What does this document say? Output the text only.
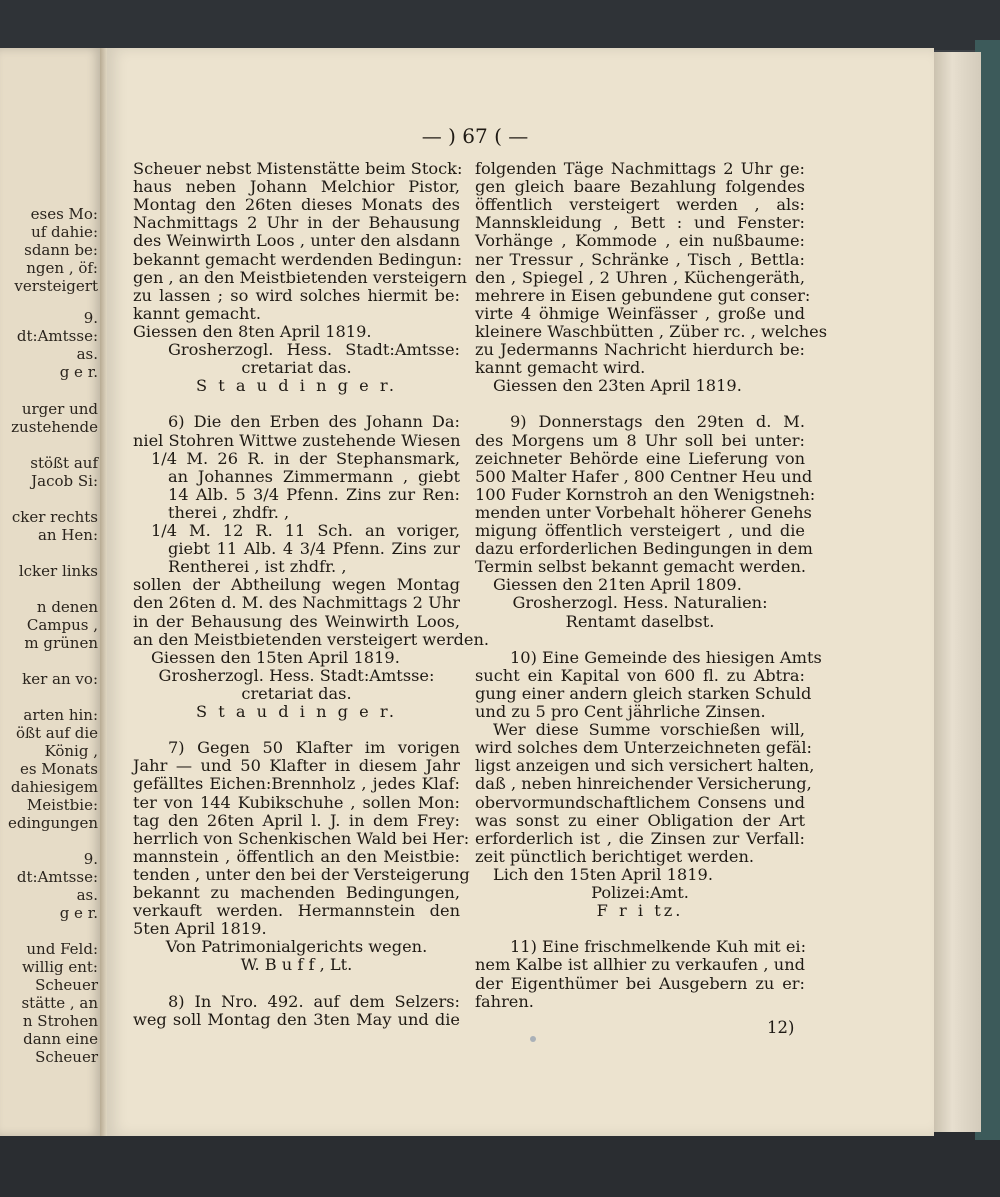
eses Mo:
uf dahie:
sdann be:
ngen , öf:
versteigert
9.
dt:Amtsse:
as.
g e r.
urger und
zustehende
stößt auf
Jacob Si:
cker rechts
an Hen:
lcker links
n denen
Campus ,
m grünen
ker an vo:
arten hin:
ößt auf die
König ,
es Monats
dahiesigem
Meistbie:
edingungen
9.
dt:Amtsse:
as.
g e r.
und Feld:
willig ent:
Scheuer
stätte , an
n Strohen
dann eine
Scheuer
— ) 67 ( —
Scheuer nebst Mistenstätte beim Stock:
haus neben Johann Melchior Pistor,
Montag den 26ten dieses Monats des
Nachmittags 2 Uhr in der Behausung
des Weinwirth Loos , unter den alsdann
bekannt gemacht werdenden Bedingun:
gen , an den Meistbietenden versteigern
zu lassen ; so wird solches hiermit be:
kannt gemacht.
Giessen den 8ten April 1819.
Grosherzogl. Hess. Stadt:Amtsse:
cretariat das.
S t a u d i n g e r.
6) Die den Erben des Johann Da:
niel Stohren Wittwe zustehende Wiesen
1/4 M. 26 R. in der Stephansmark,
an Johannes Zimmermann , giebt
14 Alb. 5 3/4 Pfenn. Zins zur Ren:
therei , zhdfr. ,
1/4 M. 12 R. 11 Sch. an voriger,
giebt 11 Alb. 4 3/4 Pfenn. Zins zur
Rentherei , ist zhdfr. ,
sollen der Abtheilung wegen Montag
den 26ten d. M. des Nachmittags 2 Uhr
in der Behausung des Weinwirth Loos,
an den Meistbietenden versteigert werden.
Giessen den 15ten April 1819.
Grosherzogl. Hess. Stadt:Amtsse:
cretariat das.
S t a u d i n g e r.
7) Gegen 50 Klafter im vorigen
Jahr — und 50 Klafter in diesem Jahr
gefälltes Eichen:Brennholz , jedes Klaf:
ter von 144 Kubikschuhe , sollen Mon:
tag den 26ten April l. J. in dem Frey:
herrlich von Schenkischen Wald bei Her:
mannstein , öffentlich an den Meistbie:
tenden , unter den bei der Versteigerung
bekannt zu machenden Bedingungen,
verkauft werden. Hermannstein den
5ten April 1819.
Von Patrimonialgerichts wegen.
W. B u f f , Lt.
8) In Nro. 492. auf dem Selzers:
weg soll Montag den 3ten May und die
folgenden Täge Nachmittags 2 Uhr ge:
gen gleich baare Bezahlung folgendes
öffentlich versteigert werden , als:
Mannskleidung , Bett : und Fenster:
Vorhänge , Kommode , ein nußbaume:
ner Tressur , Schränke , Tisch , Bettla:
den , Spiegel , 2 Uhren , Küchengeräth,
mehrere in Eisen gebundene gut conser:
virte 4 öhmige Weinfässer , große und
kleinere Waschbütten , Züber rc. , welches
zu Jedermanns Nachricht hierdurch be:
kannt gemacht wird.
Giessen den 23ten April 1819.
9) Donnerstags den 29ten d. M.
des Morgens um 8 Uhr soll bei unter:
zeichneter Behörde eine Lieferung von
500 Malter Hafer , 800 Centner Heu und
100 Fuder Kornstroh an den Wenigstneh:
menden unter Vorbehalt höherer Genehs
migung öffentlich versteigert , und die
dazu erforderlichen Bedingungen in dem
Termin selbst bekannt gemacht werden.
Giessen den 21ten April 1809.
Grosherzogl. Hess. Naturalien:
Rentamt daselbst.
10) Eine Gemeinde des hiesigen Amts
sucht ein Kapital von 600 fl. zu Abtra:
gung einer andern gleich starken Schuld
und zu 5 pro Cent jährliche Zinsen.
Wer diese Summe vorschießen will,
wird solches dem Unterzeichneten gefäl:
ligst anzeigen und sich versichert halten,
daß , neben hinreichender Versicherung,
obervormundschaftlichem Consens und
was sonst zu einer Obligation der Art
erforderlich ist , die Zinsen zur Verfall:
zeit pünctlich berichtiget werden.
Lich den 15ten April 1819.
Polizei:Amt.
F r i tz.
11) Eine frischmelkende Kuh mit ei:
nem Kalbe ist allhier zu verkaufen , und
der Eigenthümer bei Ausgebern zu er:
fahren.
12)
